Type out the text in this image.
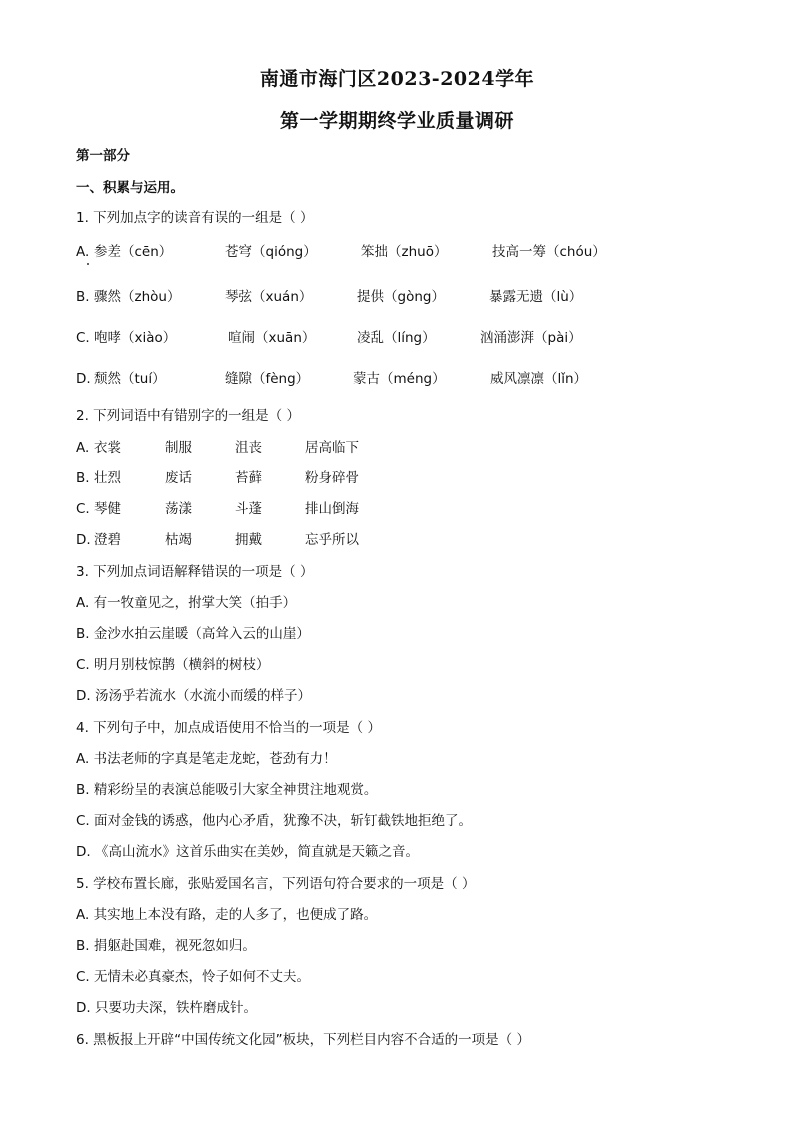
南通市海门区2023-2024学年
第一学期期终学业质量调研
第一部分
一、积累与运用。
1. 下列加点字的读音有误的一组是（ ）
A. 参差（cēn）	苍穹（qióng）	笨拙（zhuō）	技高一筹（chóu）
B. 骤然（zhòu）	琴弦（xuán）	提供（gòng）	暴露无遗（lù）
C. 咆哮（xiào）	喧闹（xuān）	凌乱（líng）	汹涌澎湃（pài）
D. 颓然（tuí）	缝隙（fèng）	蒙古（méng）	威风凛凛（lǐn）
2. 下列词语中有错别字的一组是（ ）
A. 衣裳	制服	沮丧	居高临下
B. 壮烈	废话	苔藓	粉身碎骨
C. 琴健	荡漾	斗蓬	排山倒海
D. 澄碧	枯竭	拥戴	忘乎所以
3. 下列加点词语解释错误的一项是（ ）
A. 有一牧童见之，拊掌大笑（拍手）
B. 金沙水拍云崖暖（高耸入云的山崖）
C. 明月别枝惊鹊（横斜的树枝）
D. 汤汤乎若流水（水流小而缓的样子）
4. 下列句子中，加点成语使用不恰当的一项是（ ）
A. 书法老师的字真是笔走龙蛇，苍劲有力！
B. 精彩纷呈的表演总能吸引大家全神贯注地观赏。
C. 面对金钱的诱惑，他内心矛盾，犹豫不决，斩钉截铁地拒绝了。
D. 《高山流水》这首乐曲实在美妙，简直就是天籁之音。
5. 学校布置长廊，张贴爱国名言，下列语句符合要求的一项是（ ）
A. 其实地上本没有路，走的人多了，也便成了路。
B. 捐躯赴国难，视死忽如归。
C. 无情未必真豪杰，怜子如何不丈夫。
D. 只要功夫深，铁杵磨成针。
6. 黑板报上开辟“中国传统文化园”板块，下列栏目内容不合适的一项是（ ）
